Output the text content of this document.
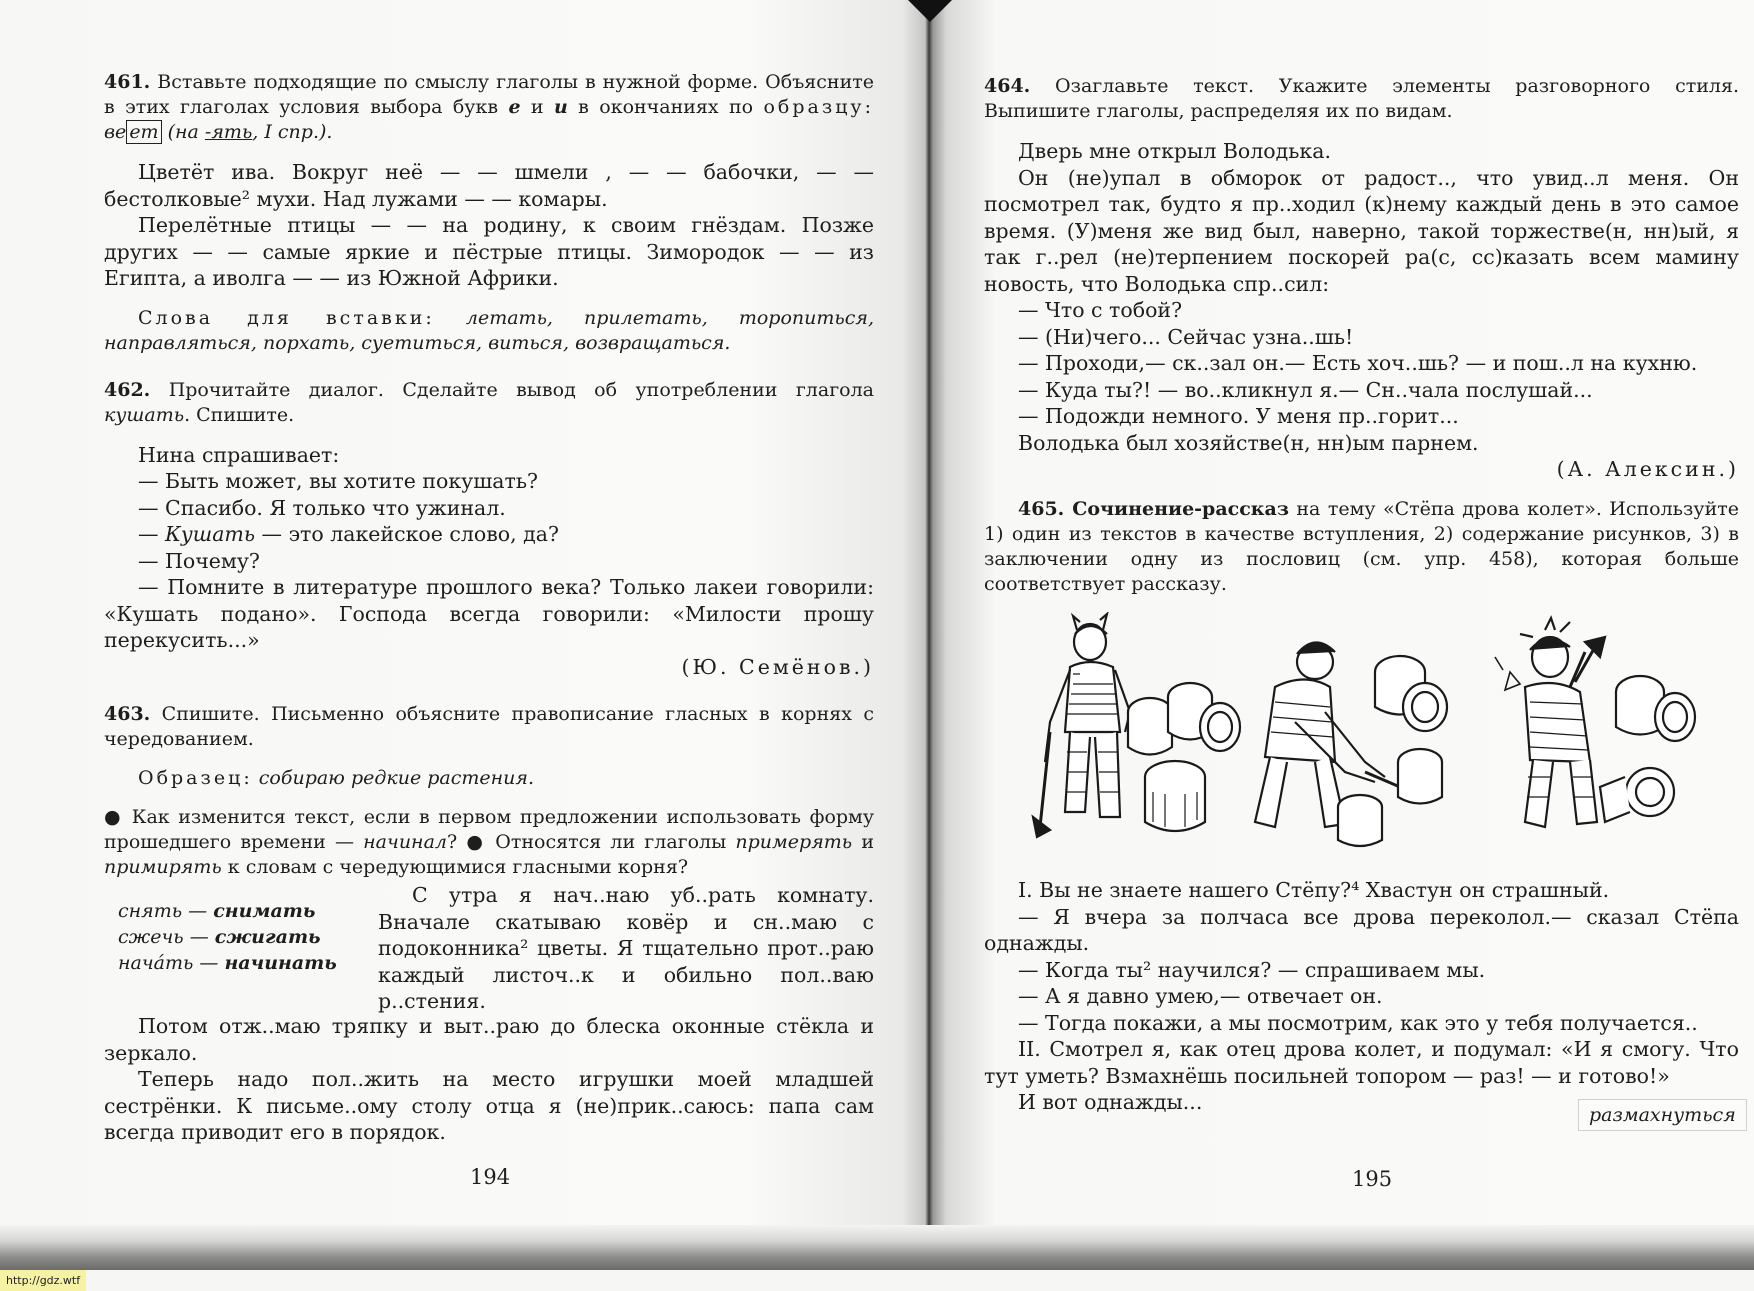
461. Вставьте подходящие по смыслу глаголы в нужной форме. Объясните в этих глаголах условия выбора букв е и и в окончаниях по образцу: ве ет (на -ять, I спр.).

Цветёт ива. Вокруг неё — — шмели , — — бабочки, — — бестолковые² мухи. Над лужами — — комары.

Перелётные птицы — — на родину, к своим гнёздам. Позже других — — самые яркие и пёстрые птицы. Зимородок — — из Египта, а иволга — — из Южной Африки.

Слова для вставки: летать, прилетать, торопиться, направляться, порхать, суетиться, виться, возвращаться.

462. Прочитайте диалог. Сделайте вывод об употреблении глагола кушать. Спишите.

Нина спрашивает:

— Быть может, вы хотите покушать?

— Спасибо. Я только что ужинал.

— Кушать — это лакейское слово, да?

— Почему?

— Помните в литературе прошлого века? Только лакеи говорили: «Кушать подано». Господа всегда говорили: «Милости прошу перекусить...»

(Ю. Семёнов.)

463. Спишите. Письменно объясните правописание гласных в корнях с чередованием.

Образец: собираю редкие растения.

● Как изменится текст, если в первом предложении использовать форму прошедшего времени — начинал? ● Относятся ли глаголы примерять и примирять к словам с чередующимися гласными корня?

снять — снимать
сжечь — сжигать
начáть — начинать

С утра я нач..наю уб..рать комнату. Вначале скатываю ковёр и сн..маю с подоконника² цветы. Я тщательно прот..раю каждый листоч..к и обильно пол..ваю р..стения.

Потом отж..маю тряпку и выт..раю до блеска оконные стёкла и зеркало.

Теперь надо пол..жить на место игрушки моей младшей сестрёнки. К письме..ому столу отца я (не)прик..саюсь: папа сам всегда приводит его в порядок.

194

464. Озаглавьте текст. Укажите элементы разговорного стиля. Выпишите глаголы, распределяя их по видам.

Дверь мне открыл Володька.

Он (не)упал в обморок от радост.., что увид..л меня. Он посмотрел так, будто я пр..ходил (к)нему каждый день в это самое время. (У)меня же вид был, наверно, такой торжестве(н, нн)ый, я так г..рел (не)терпением поскорей ра(с, сс)казать всем мамину новость, что Володька спр..сил:

— Что с тобой?

— (Ни)чего... Сейчас узна..шь!

— Проходи,— ск..зал он.— Есть хоч..шь? — и пош..л на кухню.

— Куда ты?! — во..кликнул я.— Сн..чала послушай...

— Подожди немного. У меня пр..горит...

Володька был хозяйстве(н, нн)ым парнем.

(А. Алексин.)

465. Сочинение-рассказ на тему «Стёпа дрова колет». Используйте 1) один из текстов в качестве вступления, 2) содержание рисунков, 3) в заключении одну из пословиц (см. упр. 458), которая больше соответствует рассказу.

I. Вы не знаете нашего Стёпу?⁴ Хвастун он страшный.

— Я вчера за полчаса все дрова переколол.— сказал Стёпа однажды.

— Когда ты² научился? — спрашиваем мы.

— А я давно умею,— отвечает он.

— Тогда покажи, а мы посмотрим, как это у тебя получается..

II. Смотрел я, как отец дрова колет, и подумал: «И я смогу. Что тут уметь? Взмахнёшь посильней топором — раз! — и готово!»

И вот однажды...

размахнуться
195
http://gdz.wtf
